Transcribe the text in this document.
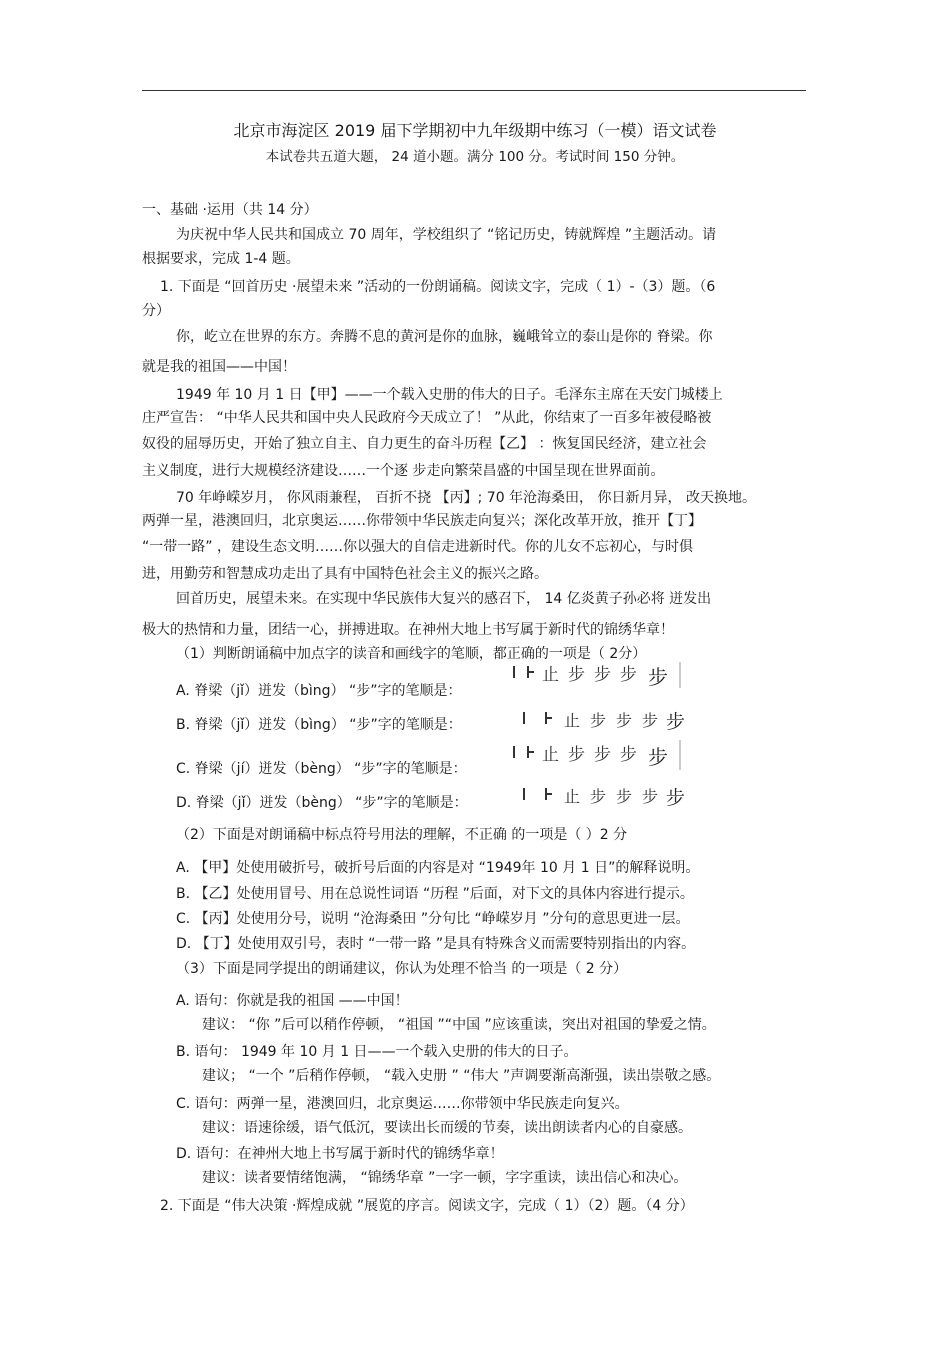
北京市海淀区 2019 届下学期初中九年级期中练习（一模）语文试卷
本试卷共五道大题， 24 道小题。满分 100 分。考试时间 150 分钟。
一、基础 ·运用（共 14 分）
为庆祝中华人民共和国成立 70 周年，学校组织了 “铭记历史，铸就辉煌 ”主题活动。请
根据要求，完成 1-4 题。
1. 下面是 “回首历史 ·展望未来 ”活动的一份朗诵稿。阅读文字，完成（ 1）-（3）题。（6
分）
你，屹立在世界的东方。奔腾不息的黄河是你的血脉，巍峨耸立的泰山是你的 脊梁。你
就是我的祖国——中国！
1949 年 10 月 1 日【甲】——一个载入史册的伟大的日子。毛泽东主席在天安门城楼上
庄严宣告： “中华人民共和国中央人民政府今天成立了！ ”从此，你结束了一百多年被侵略被
奴役的屈辱历史，开始了独立自主、自力更生的奋斗历程【乙】 ：恢复国民经济，建立社会
主义制度，进行大规模经济建设……一个逐 步走向繁荣昌盛的中国呈现在世界面前。
70 年峥嵘岁月， 你风雨兼程， 百折不挠 【丙】; 70 年沧海桑田， 你日新月异， 改天换地。
两弹一星，港澳回归，北京奥运……你带领中华民族走向复兴；深化改革开放，推开【丁】
“一带一路” ，建设生态文明……你以强大的自信走进新时代。你的儿女不忘初心，与时俱
进，用勤劳和智慧成功走出了具有中国特色社会主义的振兴之路。
回首历史，展望未来。在实现中华民族伟大复兴的感召下， 14 亿炎黄子孙必将 迸发出
极大的热情和力量，团结一心，拼搏进取。在神州大地上书写属于新时代的锦绣华章！
（1）判断朗诵稿中加点字的读音和画线字的笔顺，都正确的一项是（ 2分）
A. 脊梁（jǐ）迸发（bìng） “步”字的笔顺是：
止 步 步 步 步
B. 脊梁（jǐ）迸发（bìng） “步”字的笔顺是：	止 步 步 步 步
C. 脊梁（jí）迸发（bèng） “步”字的笔顺是：
止 步 步 步 步
D. 脊梁（jǐ）迸发（bèng） “步”字的笔顺是：	止 步 步 步 步
（2）下面是对朗诵稿中标点符号用法的理解，不正确 的一项是（ ）2 分
A. 【甲】处使用破折号，破折号后面的内容是对 “1949年 10 月 1 日”的解释说明。
B. 【乙】处使用冒号、用在总说性词语 “历程 ”后面，对下文的具体内容进行提示。
C. 【丙】处使用分号，说明 “沧海桑田 ”分句比 “峥嵘岁月 ”分句的意思更进一层。
D. 【丁】处使用双引号，表时 “一带一路 ”是具有特殊含义而需要特别指出的内容。
（3）下面是同学提出的朗诵建议，你认为处理不恰当 的一项是（ 2 分）
A. 语句：你就是我的祖国 ——中国！
建议： “你 ”后可以稍作停顿， “祖国 ”“中国 ”应该重读，突出对祖国的挚爱之情。
B. 语句： 1949 年 10 月 1 日——一个载入史册的伟大的日子。
建议； “一个 ”后稍作停顿， “载入史册 ” “伟大 ”声调要渐高渐强，读出崇敬之感。
C. 语句：两弹一星，港澳回归，北京奥运……你带领中华民族走向复兴。
建议：语速徐缓，语气低沉，要读出长而缓的节奏，读出朗读者内心的自豪感。
D. 语句：在神州大地上书写属于新时代的锦绣华章！
建议：读者要情绪饱满， “锦绣华章 ”一字一顿，字字重读，读出信心和决心。
2. 下面是 “伟大决策 ·辉煌成就 ”展览的序言。阅读文字，完成（ 1）（2）题。（4 分）
